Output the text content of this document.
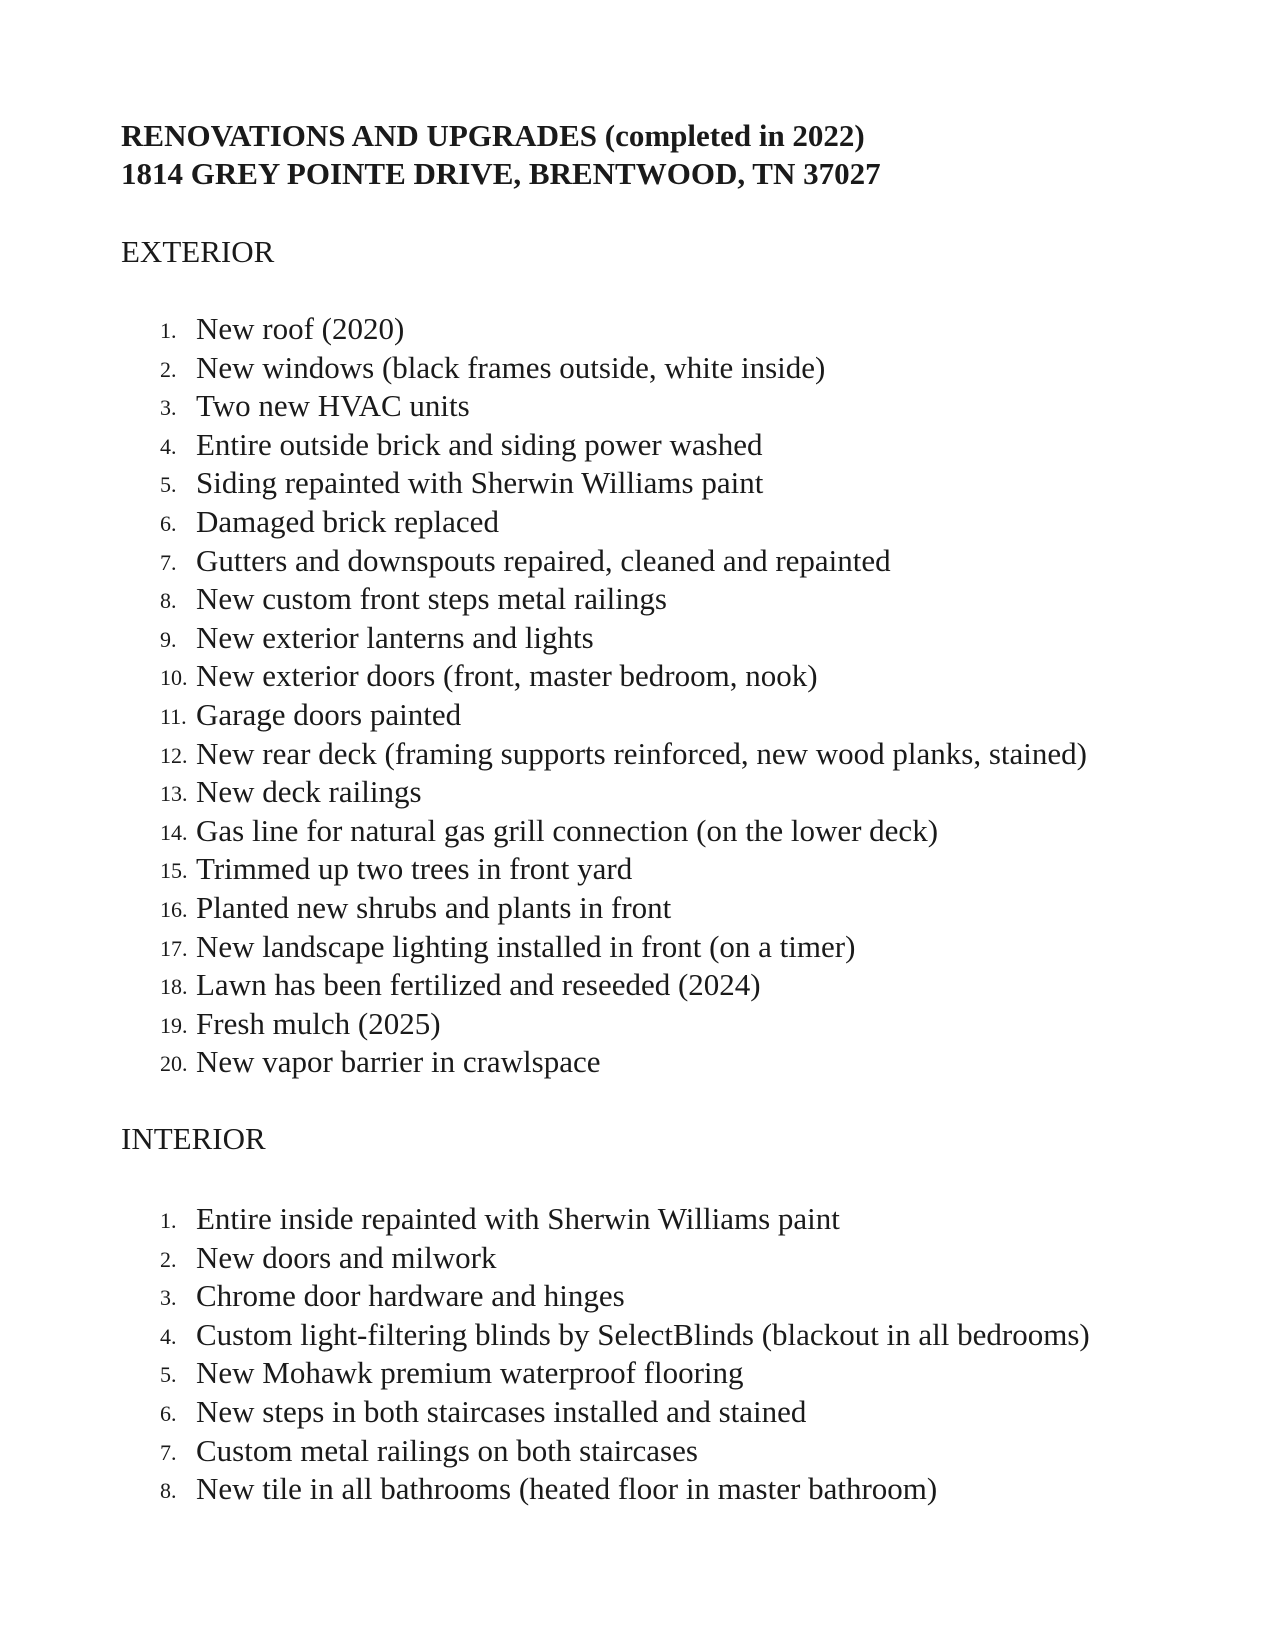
RENOVATIONS AND UPGRADES (completed in 2022)
1814 GREY POINTE DRIVE, BRENTWOOD, TN 37027
EXTERIOR
1. New roof (2020)
2. New windows (black frames outside, white inside)
3. Two new HVAC units
4. Entire outside brick and siding power washed
5. Siding repainted with Sherwin Williams paint
6. Damaged brick replaced
7. Gutters and downspouts repaired, cleaned and repainted
8. New custom front steps metal railings
9. New exterior lanterns and lights
10. New exterior doors (front, master bedroom, nook)
11. Garage doors painted
12. New rear deck (framing supports reinforced, new wood planks, stained)
13. New deck railings
14. Gas line for natural gas grill connection (on the lower deck)
15. Trimmed up two trees in front yard
16. Planted new shrubs and plants in front
17. New landscape lighting installed in front (on a timer)
18. Lawn has been fertilized and reseeded (2024)
19. Fresh mulch (2025)
20. New vapor barrier in crawlspace
INTERIOR
1. Entire inside repainted with Sherwin Williams paint
2. New doors and milwork
3. Chrome door hardware and hinges
4. Custom light-filtering blinds by SelectBlinds (blackout in all bedrooms)
5. New Mohawk premium waterproof flooring
6. New steps in both staircases installed and stained
7. Custom metal railings on both staircases
8. New tile in all bathrooms (heated floor in master bathroom)
